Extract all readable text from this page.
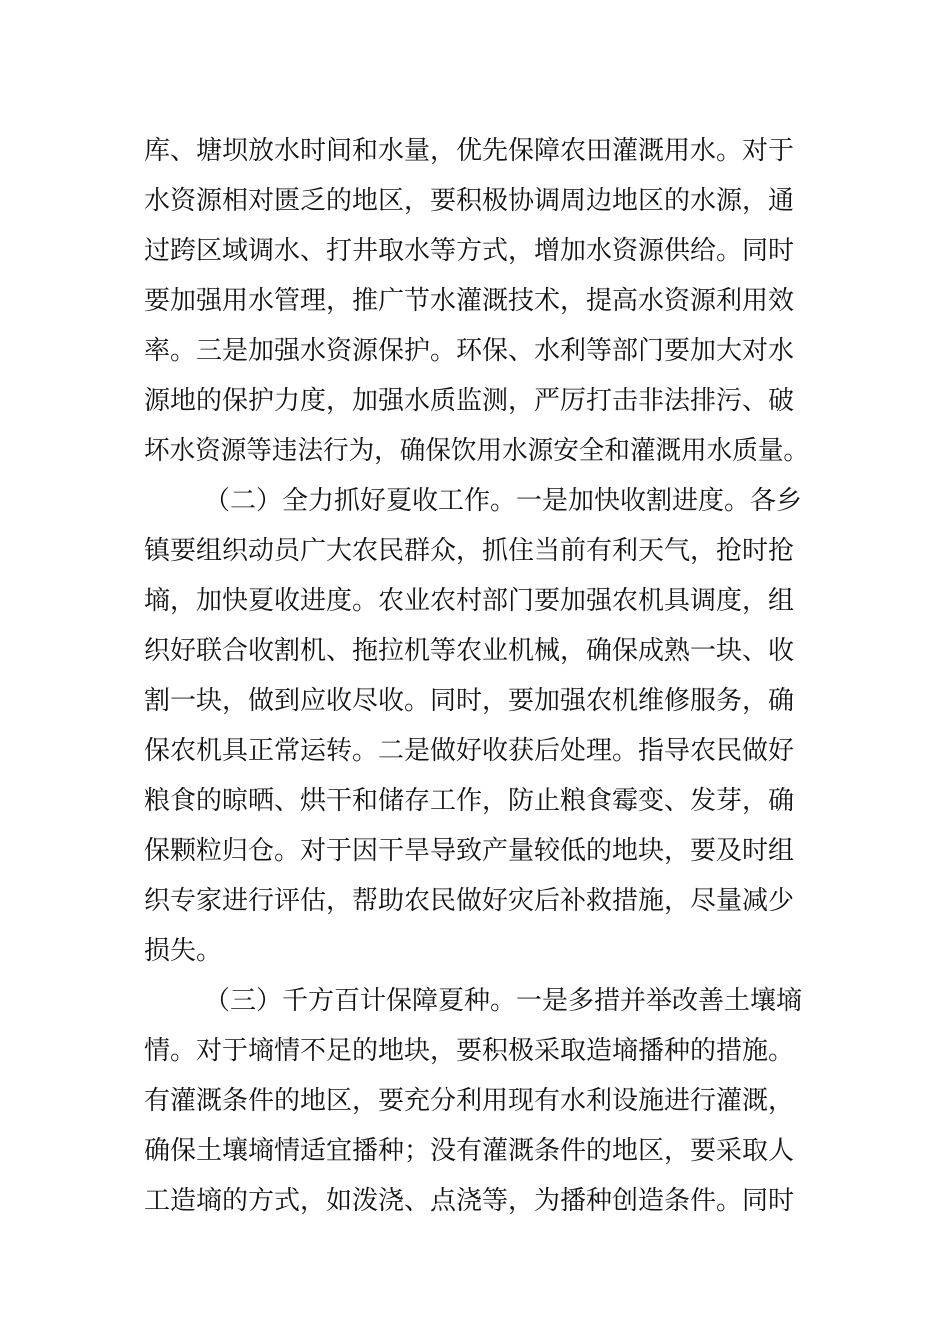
库、塘坝放水时间和水量，优先保障农田灌溉用水。对于
水资源相对匮乏的地区，要积极协调周边地区的水源，通
过跨区域调水、打井取水等方式，增加水资源供给。同时
要加强用水管理，推广节水灌溉技术，提高水资源利用效
率。三是加强水资源保护。环保、水利等部门要加大对水
源地的保护力度，加强水质监测，严厉打击非法排污、破
坏水资源等违法行为，确保饮用水源安全和灌溉用水质量。
（二）全力抓好夏收工作。一是加快收割进度。各乡
镇要组织动员广大农民群众，抓住当前有利天气，抢时抢
墒，加快夏收进度。农业农村部门要加强农机具调度，组
织好联合收割机、拖拉机等农业机械，确保成熟一块、收
割一块，做到应收尽收。同时，要加强农机维修服务，确
保农机具正常运转。二是做好收获后处理。指导农民做好
粮食的晾晒、烘干和储存工作，防止粮食霉变、发芽，确
保颗粒归仓。对于因干旱导致产量较低的地块，要及时组
织专家进行评估，帮助农民做好灾后补救措施，尽量减少
损失。
（三）千方百计保障夏种。一是多措并举改善土壤墒
情。对于墒情不足的地块，要积极采取造墒播种的措施。
有灌溉条件的地区，要充分利用现有水利设施进行灌溉，
确保土壤墒情适宜播种；没有灌溉条件的地区，要采取人
工造墒的方式，如泼浇、点浇等，为播种创造条件。同时
